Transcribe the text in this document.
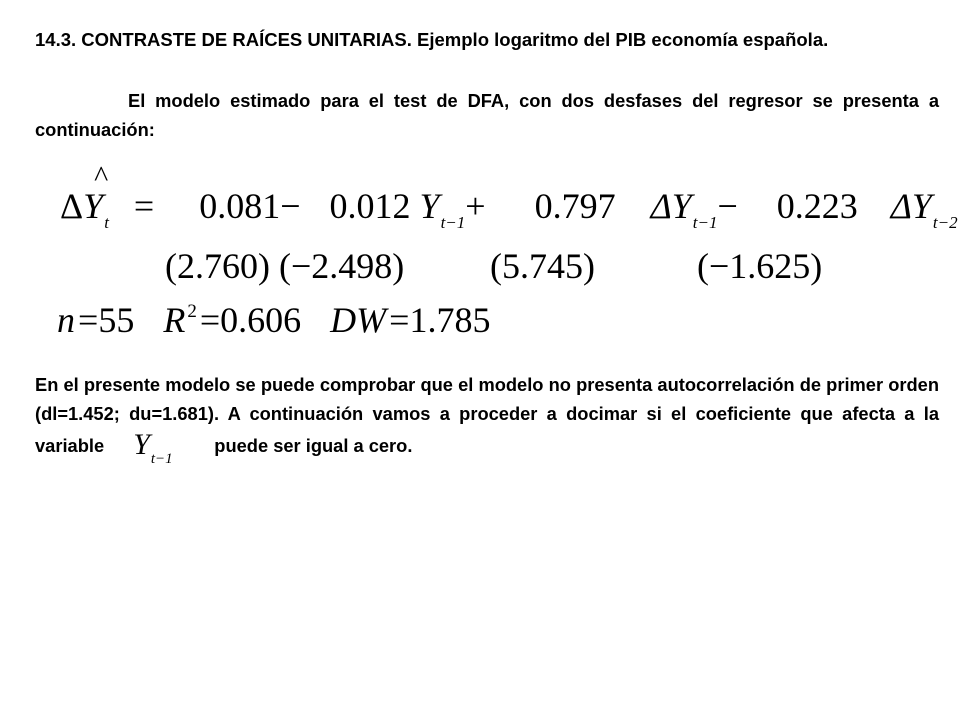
14.3. CONTRASTE DE RAÍCES UNITARIAS. Ejemplo logaritmo del PIB economía española.
El modelo estimado para el test de DFA, con dos desfases del regresor se presenta a continuación:
ΔY
^
$_t$ = 0.081− 0.012 $Y_{t-1}+ 0.797$ $\Delta Y_{t-1}- 0.223$ $\Delta Y_{t-2}$
(2.760) (−2.498) (5.745)	(−1.625)
n=55 R $^2$=0.606 DW=1.785
En el presente modelo se puede comprobar que el modelo no presenta autocorrelación de primer orden (dl=1.452; du=1.681). A continuación vamos a proceder a docimar si el coeficiente que afecta a la variable $Y_{t-1}$ puede ser igual a cero.
